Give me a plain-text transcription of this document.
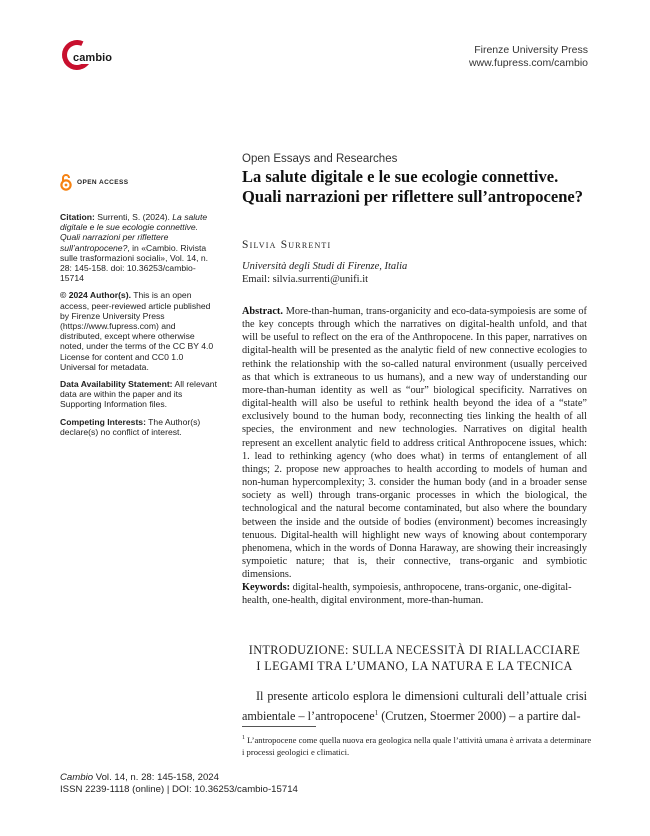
cambio
Firenze University Press
www.fupress.com/cambio
Open Essays and Researches
La salute digitale e le sue ecologie connettive.
Quali narrazioni per riflettere sull’antropocene?
Silvia Surrenti
Università degli Studi di Firenze, Italia
Email: silvia.surrenti@unifi.it

Abstract. More-than-human, trans-organicity and eco-data-sympoiesis are some of the key concepts through which the narratives on digital-health unfold, and that will be useful to reflect on the era of the Anthropocene. In this paper, narratives on digital-health will be presented as the analytic field of new connective ecologies to rethink the relationship with the so-called natural environment (usually perceived as that which is extraneous to us humans), and a new way of understanding our more-than-human identity as well as “our” biological specificity. Narratives on digital-health will also be useful to rethink health beyond the idea of a “state” exclusively bound to the human body, reconnecting ties linking the health of all species, the environment and new technologies. Narratives on digital health represent an excellent analytic field to address critical Anthropocene issues, which: 1. lead to rethinking agency (who does what) in terms of entanglement of all things; 2. propose new approaches to health according to models of human and non-human hypercomplexity; 3. consider the human body (and in a broader sense society as well) through trans-organic processes in which the biological, the technological and the natural become contaminated, but also where the boundary between the inside and the outside of bodies (environment) becomes increasingly tenuous. Digital-health will highlight new ways of knowing about contemporary phenomena, which in the words of Donna Haraway, are showing their increasingly sympoietic nature; that is, their connective, trans-organic and symbiotic dimensions.

Keywords: digital-health, sympoiesis, anthropocene, trans-organic, one-digital-health, one-health, digital environment, more-than-human.
INTRODUZIONE: SULLA NECESSITÀ DI RIALLACCIARE
I LEGAMI TRA L’UMANO, LA NATURA E LA TECNICA

Il presente articolo esplora le dimensioni culturali dell’attuale crisi ambientale – l’antropocene$^1$ (Crutzen, Stoermer 2000) – a partire dal-

$^1$ L’antropocene come quella nuova era geologica nella quale l’attività umana è arrivata a determinare i processi geologici e climatici.
OPEN ACCESS
Citation: Surrenti, S. (2024). La salute digitale e le sue ecologie connettive. Quali narrazioni per riflettere sull’antropocene?, in «Cambio. Rivista sulle trasformazioni sociali», Vol. 14, n. 28: 145-158. doi: 10.36253/cambio-15714
© 2024 Author(s). This is an open access, peer-reviewed article published by Firenze University Press (https://www.fupress.com) and distributed, except where otherwise noted, under the terms of the CC BY 4.0 License for content and CC0 1.0 Universal for metadata.
Data Availability Statement: All relevant data are within the paper and its Supporting Information files.
Competing Interests: The Author(s) declare(s) no conflict of interest.
Cambio Vol. 14, n. 28: 145-158, 2024
ISSN 2239-1118 (online) | DOI: 10.36253/cambio-15714
